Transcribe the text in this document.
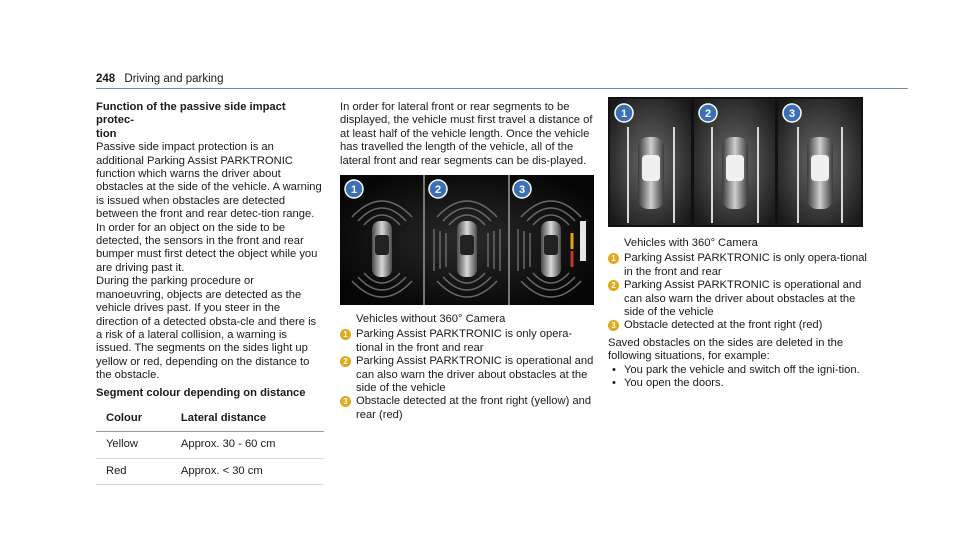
248 Driving and parking

Function of the passive side impact protec-
tion

Passive side impact protection is an additional Parking Assist PARKTRONIC function which warns the driver about obstacles at the side of the vehicle. A warning is issued when obstacles are detected between the front and rear detec-tion range. In order for an object on the side to be detected, the sensors in the front and rear bumper must first detect the object while you are driving past it.

During the parking procedure or manoeuvring, objects are detected as the vehicle drives past. If you steer in the direction of a detected obsta-cle and there is a risk of a lateral collision, a warning is issued. The segments on the sides light up yellow or red, depending on the distance to the obstacle.

Segment colour depending on distance

Colour	Lateral distance
Yellow	Approx. 30 - 60 cm
Red	Approx. < 30 cm

In order for lateral front or rear segments to be displayed, the vehicle must first travel a distance of at least half of the vehicle length. Once the vehicle has travelled the length of the vehicle, all of the lateral front and rear segments can be dis-played.

1	2	3

Vehicles without 360° Camera

1 Parking Assist PARKTRONIC is only opera-tional in the front and rear
2 Parking Assist PARKTRONIC is operational and can also warn the driver about obstacles at the side of the vehicle
3 Obstacle detected at the front right (yellow) and rear (red)
1	2	3

Vehicles with 360° Camera

1 Parking Assist PARKTRONIC is only opera-tional in the front and rear
2 Parking Assist PARKTRONIC is operational and can also warn the driver about obstacles at the side of the vehicle
3 Obstacle detected at the front right (red)

Saved obstacles on the sides are deleted in the following situations, for example:

• You park the vehicle and switch off the igni-tion.
• You open the doors.
